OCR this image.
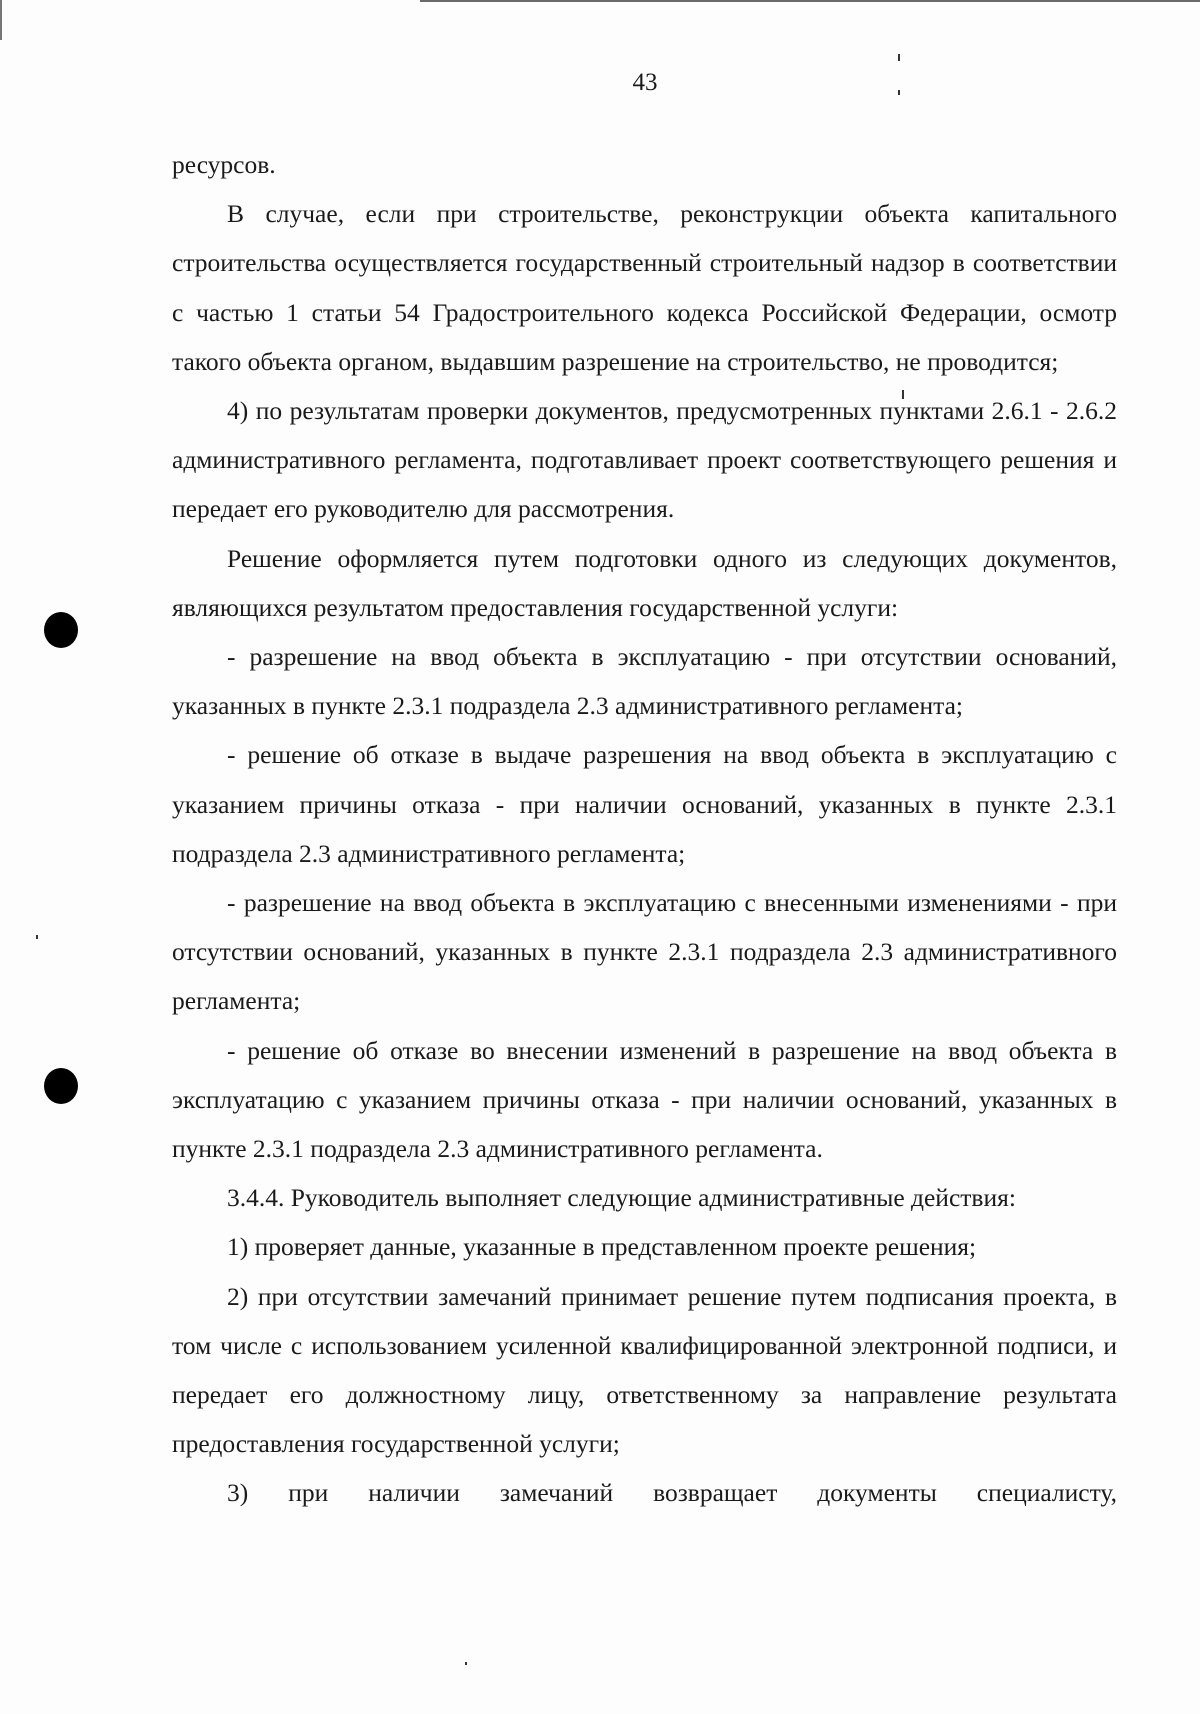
43

ресурсов.

В случае, если при строительстве, реконструкции объекта капитального строительства осуществляется государственный строительный надзор в соответствии с частью 1 статьи 54 Градостроительного кодекса Российской Федерации, осмотр такого объекта органом, выдавшим разрешение на строительство, не проводится;

4) по результатам проверки документов, предусмотренных пунктами 2.6.1 - 2.6.2 административного регламента, подготавливает проект соответствующего решения и передает его руководителю для рассмотрения.

Решение оформляется путем подготовки одного из следующих документов, являющихся результатом предоставления государственной услуги:

- разрешение на ввод объекта в эксплуатацию - при отсутствии оснований, указанных в пункте 2.3.1 подраздела 2.3 административного регламента;

- решение об отказе в выдаче разрешения на ввод объекта в эксплуатацию с указанием причины отказа - при наличии оснований, указанных в пункте 2.3.1 подраздела 2.3 административного регламента;

- разрешение на ввод объекта в эксплуатацию с внесенными изменениями - при отсутствии оснований, указанных в пункте 2.3.1 подраздела 2.3 административного регламента;

- решение об отказе во внесении изменений в разрешение на ввод объекта в эксплуатацию с указанием причины отказа - при наличии оснований, указанных в пункте 2.3.1 подраздела 2.3 административного регламента.

3.4.4. Руководитель выполняет следующие административные действия:

1) проверяет данные, указанные в представленном проекте решения;

2) при отсутствии замечаний принимает решение путем подписания проекта, в том числе с использованием усиленной квалифицированной электронной подписи, и передает его должностному лицу, ответственному за направление результата предоставления государственной услуги;

3) при наличии замечаний возвращает документы специалисту,
